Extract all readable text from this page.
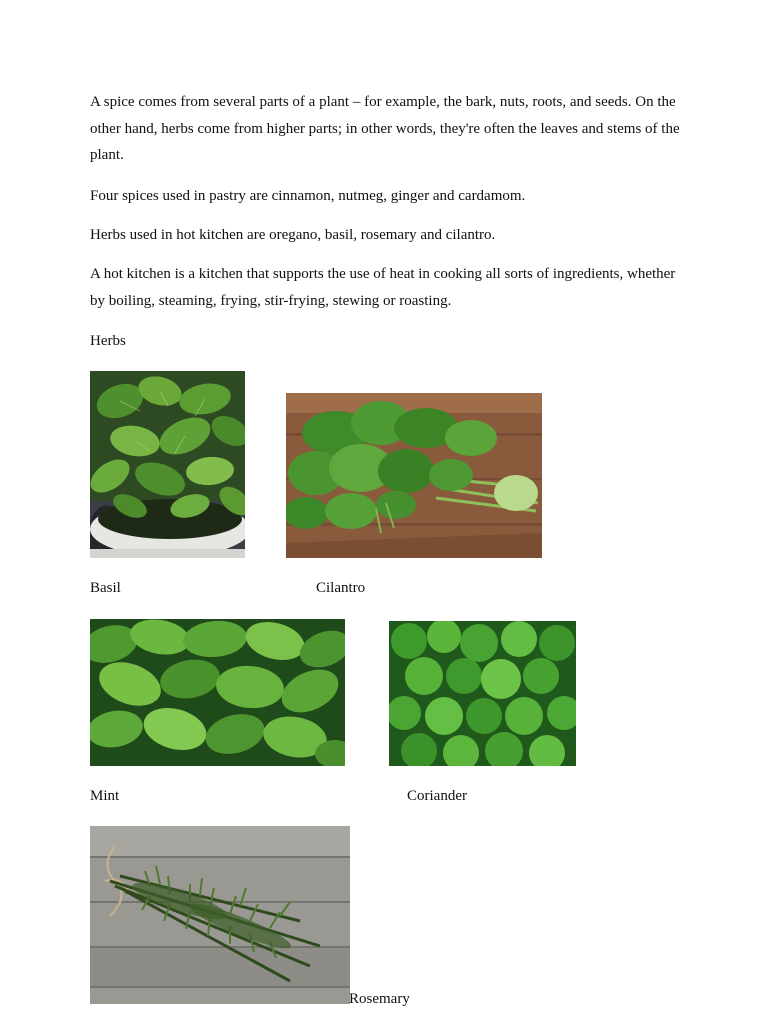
A spice comes from several parts of a plant – for example, the bark, nuts, roots, and seeds. On the other hand, herbs come from higher parts; in other words, they're often the leaves and stems of the plant.

Four spices used in pastry are cinnamon, nutmeg, ginger and cardamom.

Herbs used in hot kitchen are oregano, basil, rosemary and cilantro.

A hot kitchen is a kitchen that supports the use of heat in cooking all sorts of ingredients, whether by boiling, steaming, frying, stir-frying, stewing or roasting.

Herbs

Basil	Cilantro

Mint	Coriander

Rosemary
